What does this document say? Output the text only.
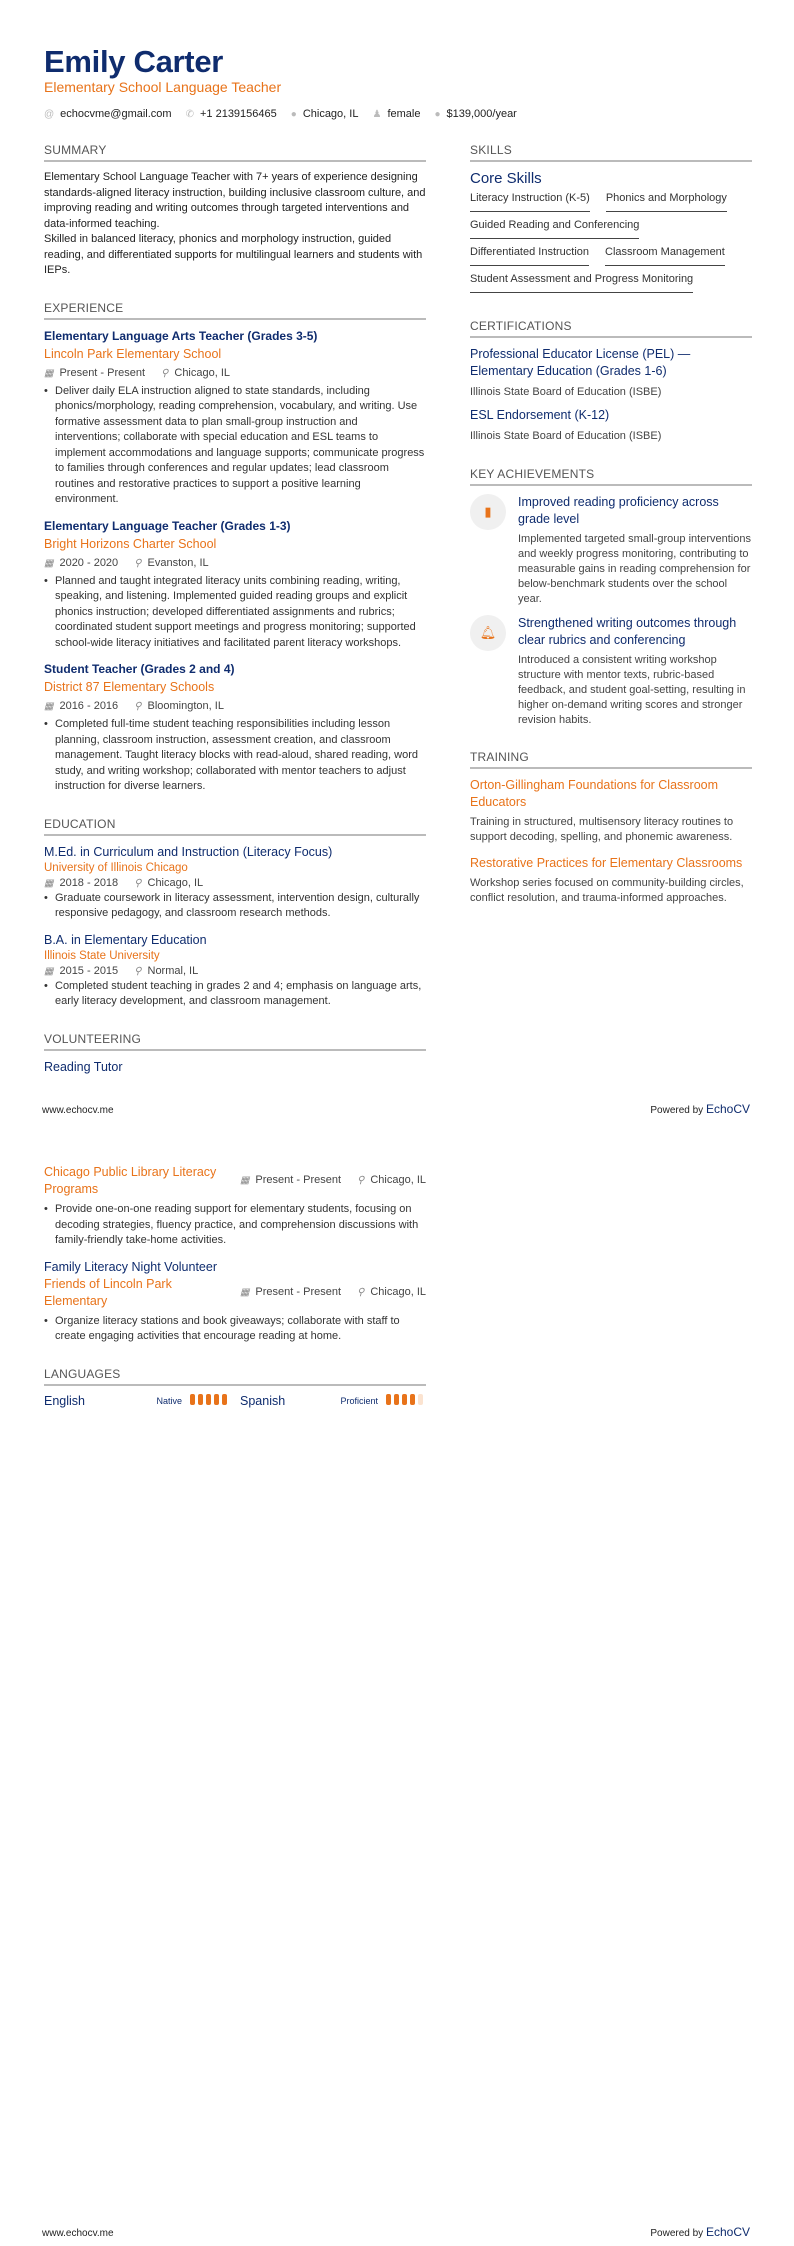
Emily Carter
Elementary School Language Teacher
@ echocvme@gmail.com ✆ +1 2139156465 ● Chicago, IL ♟ female ● $139,000/year
SUMMARY

Elementary School Language Teacher with 7+ years of experience designing standards-aligned literacy instruction, building inclusive classroom culture, and improving reading and writing outcomes through targeted interventions and data-informed teaching.

Skilled in balanced literacy, phonics and morphology instruction, guided reading, and differentiated supports for multilingual learners and students with IEPs.

EXPERIENCE
Elementary Language Arts Teacher (Grades 3-5)
Lincoln Park Elementary School
▦ Present - Present ⚲ Chicago, IL
• Deliver daily ELA instruction aligned to state standards, including phonics/morphology, reading comprehension, vocabulary, and writing. Use formative assessment data to plan small-group instruction and interventions; collaborate with special education and ESL teams to implement accommodations and language supports; communicate progress to families through conferences and regular updates; lead classroom routines and restorative practices to support a positive learning environment.
Elementary Language Teacher (Grades 1-3)
Bright Horizons Charter School
▦ 2020 - 2020 ⚲ Evanston, IL
• Planned and taught integrated literacy units combining reading, writing, speaking, and listening. Implemented guided reading groups and explicit phonics instruction; developed differentiated assignments and rubrics; coordinated student support meetings and progress monitoring; supported school-wide literacy initiatives and facilitated parent literacy workshops.
Student Teacher (Grades 2 and 4)
District 87 Elementary Schools
▦ 2016 - 2016 ⚲ Bloomington, IL
• Completed full-time student teaching responsibilities including lesson planning, classroom instruction, assessment creation, and classroom management. Taught literacy blocks with read-aloud, shared reading, word study, and writing workshop; collaborated with mentor teachers to adjust instruction for diverse learners.
EDUCATION
M.Ed. in Curriculum and Instruction (Literacy Focus)
University of Illinois Chicago
▦ 2018 - 2018 ⚲ Chicago, IL
• Graduate coursework in literacy assessment, intervention design, culturally responsive pedagogy, and classroom research methods.
B.A. in Elementary Education
Illinois State University
▦ 2015 - 2015 ⚲ Normal, IL
• Completed student teaching in grades 2 and 4; emphasis on language arts, early literacy development, and classroom management.
VOLUNTEERING
Reading Tutor
SKILLS
Core Skills
Literacy Instruction (K-5) Phonics and Morphology
Guided Reading and Conferencing
Differentiated Instruction Classroom Management
Student Assessment and Progress Monitoring
CERTIFICATIONS
Professional Educator License (PEL) — Elementary Education (Grades 1-6)
Illinois State Board of Education (ISBE)
ESL Endorsement (K-12)
Illinois State Board of Education (ISBE)
KEY ACHIEVEMENTS
▮
Improved reading proficiency across grade level
Implemented targeted small-group interventions and weekly progress monitoring, contributing to measurable gains in reading comprehension for below-benchmark students over the school year.
🔔︎
Strengthened writing outcomes through clear rubrics and conferencing
Introduced a consistent writing workshop structure with mentor texts, rubric-based feedback, and student goal-setting, resulting in higher on-demand writing scores and stronger revision habits.
TRAINING
Orton-Gillingham Foundations for Classroom Educators
Training in structured, multisensory literacy routines to support decoding, spelling, and phonemic awareness.
Restorative Practices for Elementary Classrooms
Workshop series focused on community-building circles, conflict resolution, and trauma-informed approaches.
www.echocv.me	Powered by EchoCV
Chicago Public Library Literacy Programs
▦ Present - Present ⚲ Chicago, IL
• Provide one-on-one reading support for elementary students, focusing on decoding strategies, fluency practice, and comprehension discussions with family-friendly take-home activities.
Family Literacy Night Volunteer
Friends of Lincoln Park Elementary
▦ Present - Present ⚲ Chicago, IL
• Organize literacy stations and book giveaways; collaborate with staff to create engaging activities that encourage reading at home.
LANGUAGES
English	Native	Spanish	Proficient
www.echocv.me	Powered by EchoCV
